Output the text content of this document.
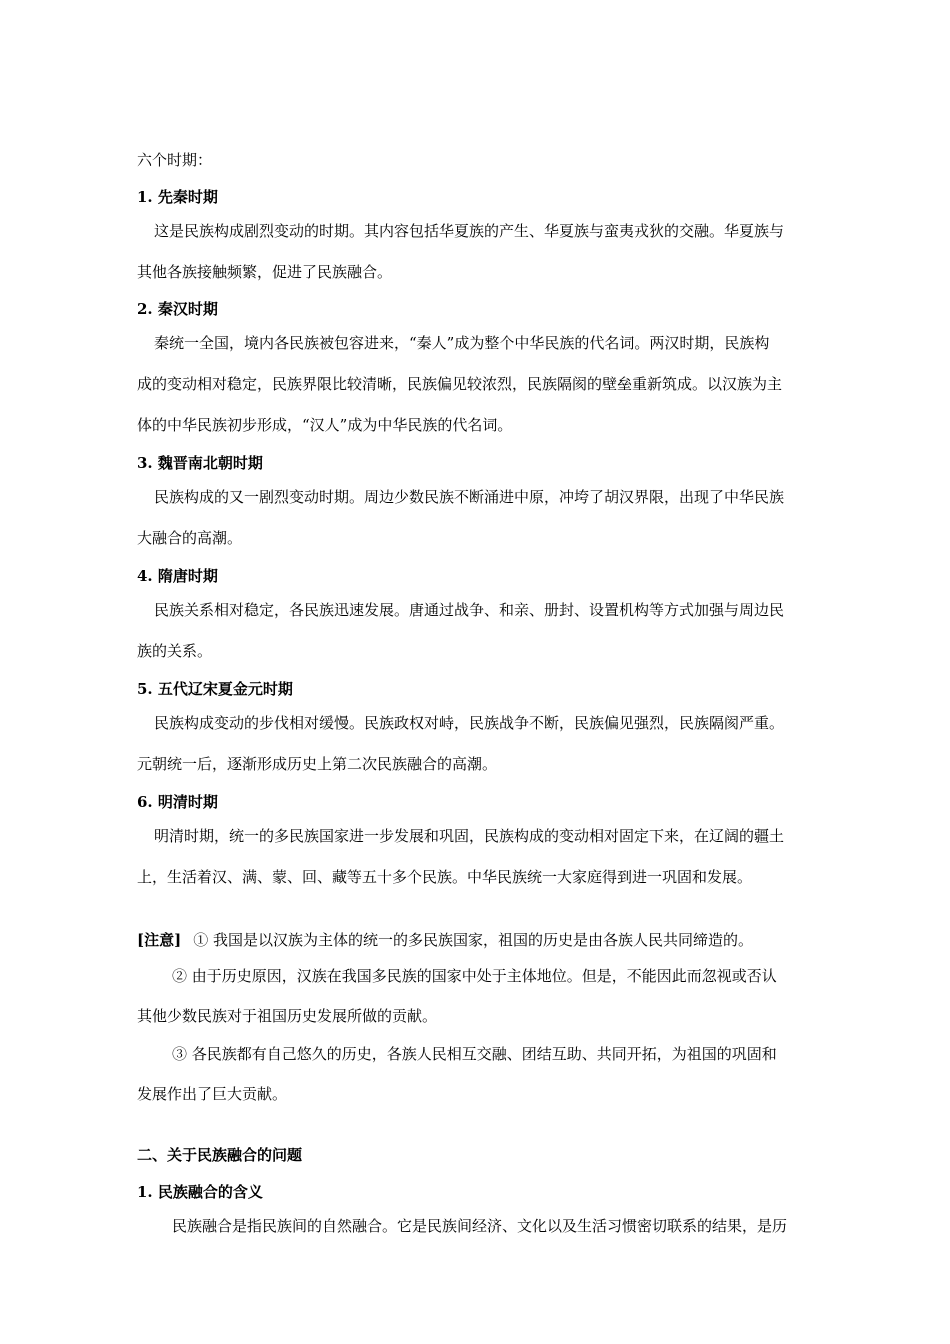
六个时期：
1. 先秦时期
这是民族构成剧烈变动的时期。其内容包括华夏族的产生、华夏族与蛮夷戎狄的交融。华夏族与
其他各族接触频繁，促进了民族融合。
2. 秦汉时期
秦统一全国，境内各民族被包容进来，“秦人”成为整个中华民族的代名词。两汉时期，民族构
成的变动相对稳定，民族界限比较清晰，民族偏见较浓烈，民族隔阂的壁垒重新筑成。以汉族为主
体的中华民族初步形成，“汉人”成为中华民族的代名词。
3. 魏晋南北朝时期
民族构成的又一剧烈变动时期。周边少数民族不断涌进中原，冲垮了胡汉界限，出现了中华民族
大融合的高潮。
4. 隋唐时期
民族关系相对稳定，各民族迅速发展。唐通过战争、和亲、册封、设置机构等方式加强与周边民
族的关系。
5. 五代辽宋夏金元时期
民族构成变动的步伐相对缓慢。民族政权对峙，民族战争不断，民族偏见强烈，民族隔阂严重。
元朝统一后，逐渐形成历史上第二次民族融合的高潮。
6. 明清时期
明清时期，统一的多民族国家进一步发展和巩固，民族构成的变动相对固定下来，在辽阔的疆土
上，生活着汉、满、蒙、回、藏等五十多个民族。中华民族统一大家庭得到进一巩固和发展。
[注意] ① 我国是以汉族为主体的统一的多民族国家，祖国的历史是由各族人民共同缔造的。
② 由于历史原因，汉族在我国多民族的国家中处于主体地位。但是，不能因此而忽视或否认
其他少数民族对于祖国历史发展所做的贡献。
③ 各民族都有自己悠久的历史，各族人民相互交融、团结互助、共同开拓，为祖国的巩固和
发展作出了巨大贡献。
二、关于民族融合的问题
1. 民族融合的含义
民族融合是指民族间的自然融合。它是民族间经济、文化以及生活习惯密切联系的结果，是历
